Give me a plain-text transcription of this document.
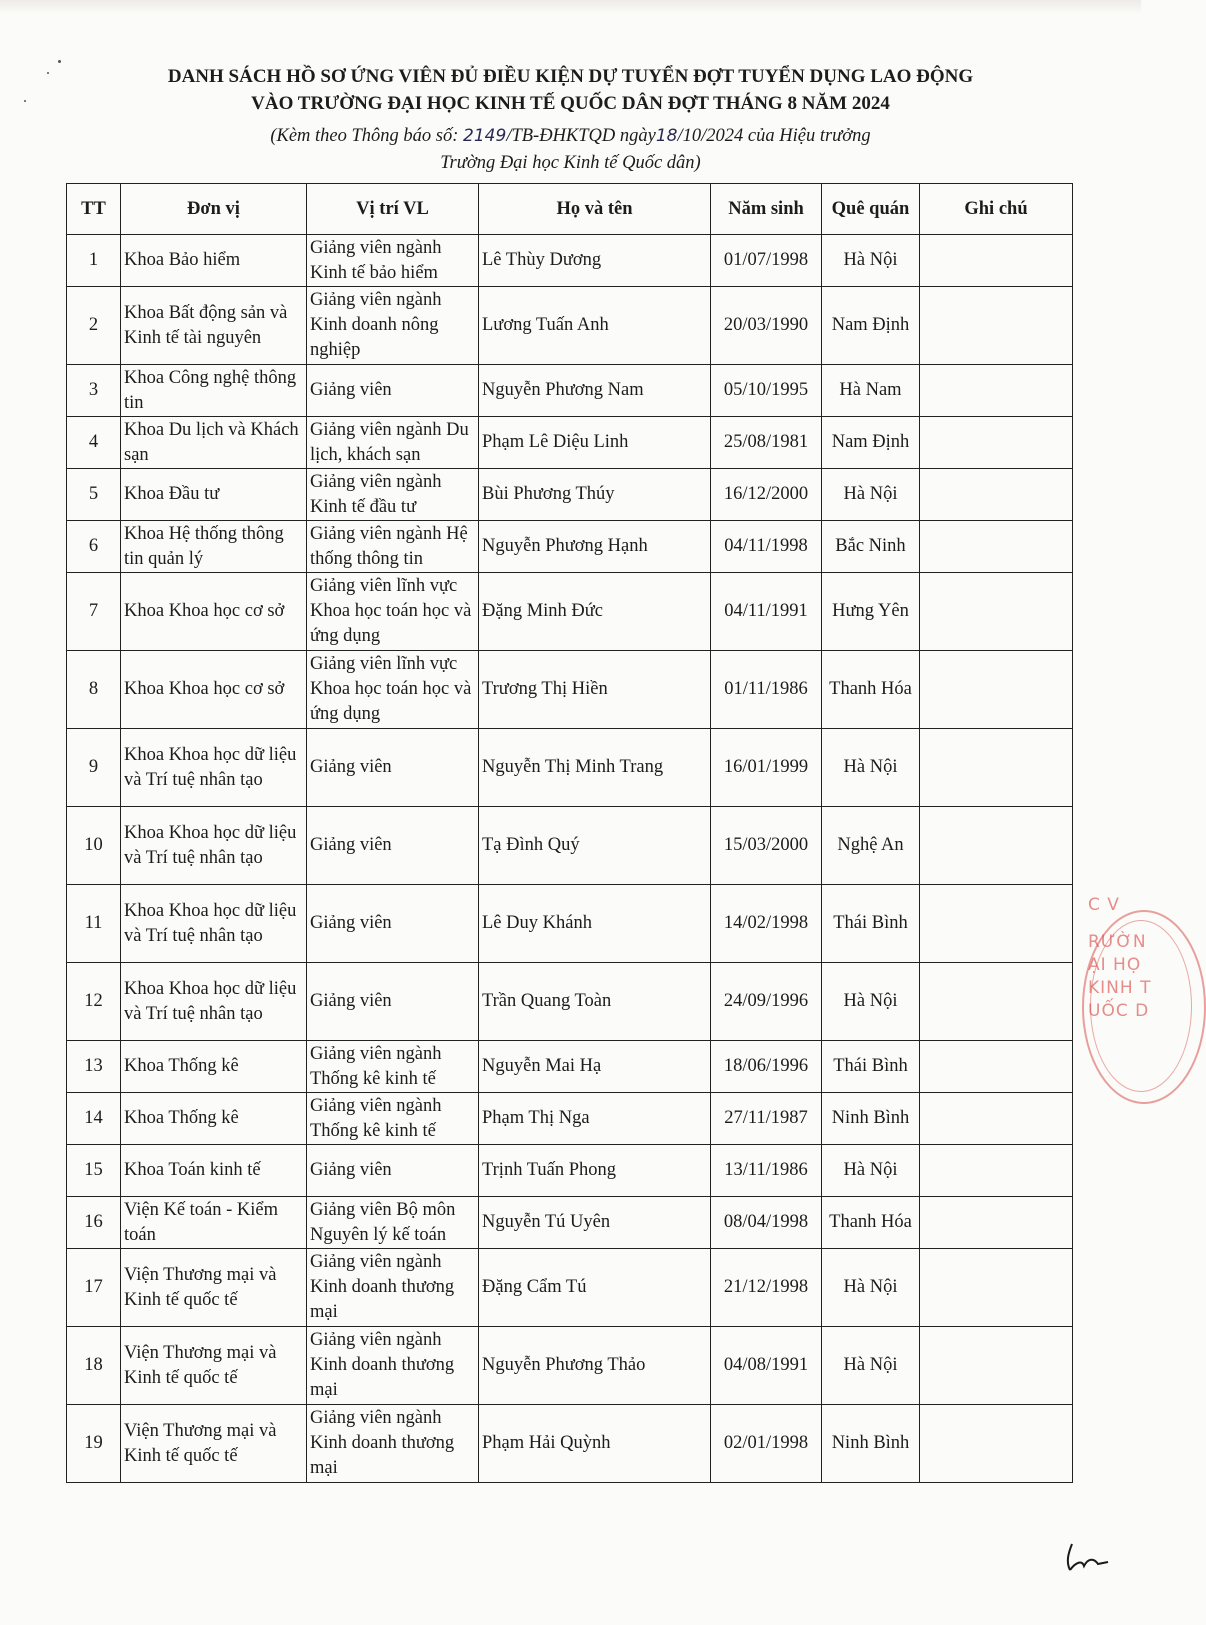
DANH SÁCH HỒ SƠ ỨNG VIÊN ĐỦ ĐIỀU KIỆN DỰ TUYỂN ĐỢT TUYỂN DỤNG LAO ĐỘNG
VÀO TRƯỜNG ĐẠI HỌC KINH TẾ QUỐC DÂN ĐỢT THÁNG 8 NĂM 2024
(Kèm theo Thông báo số: 2149/TB-ĐHKTQD ngày18/10/2024 của Hiệu trưởng
Trường Đại học Kinh tế Quốc dân)
TT	Đơn vị	Vị trí VL	Họ và tên	Năm sinh	Quê quán	Ghi chú
1	Khoa Bảo hiểm	Giảng viên ngành Kinh tế bảo hiểm	Lê Thùy Dương	01/07/1998	Hà Nội	
2	Khoa Bất động sản và Kinh tế tài nguyên	Giảng viên ngành Kinh doanh nông nghiệp	Lương Tuấn Anh	20/03/1990	Nam Định	
3	Khoa Công nghệ thông tin	Giảng viên	Nguyễn Phương Nam	05/10/1995	Hà Nam	
4	Khoa Du lịch và Khách sạn	Giảng viên ngành Du lịch, khách sạn	Phạm Lê Diệu Linh	25/08/1981	Nam Định	
5	Khoa Đầu tư	Giảng viên ngành Kinh tế đầu tư	Bùi Phương Thúy	16/12/2000	Hà Nội	
6	Khoa Hệ thống thông tin quản lý	Giảng viên ngành Hệ thống thông tin	Nguyễn Phương Hạnh	04/11/1998	Bắc Ninh	
7	Khoa Khoa học cơ sở	Giảng viên lĩnh vực Khoa học toán học và ứng dụng	Đặng Minh Đức	04/11/1991	Hưng Yên	
8	Khoa Khoa học cơ sở	Giảng viên lĩnh vực Khoa học toán học và ứng dụng	Trương Thị Hiền	01/11/1986	Thanh Hóa	
9	Khoa Khoa học dữ liệu và Trí tuệ nhân tạo	Giảng viên	Nguyễn Thị Minh Trang	16/01/1999	Hà Nội	
10	Khoa Khoa học dữ liệu và Trí tuệ nhân tạo	Giảng viên	Tạ Đình Quý	15/03/2000	Nghệ An	
11	Khoa Khoa học dữ liệu và Trí tuệ nhân tạo	Giảng viên	Lê Duy Khánh	14/02/1998	Thái Bình	
12	Khoa Khoa học dữ liệu và Trí tuệ nhân tạo	Giảng viên	Trần Quang Toàn	24/09/1996	Hà Nội	
13	Khoa Thống kê	Giảng viên ngành Thống kê kinh tế	Nguyễn Mai Hạ	18/06/1996	Thái Bình	
14	Khoa Thống kê	Giảng viên ngành Thống kê kinh tế	Phạm Thị Nga	27/11/1987	Ninh Bình	
15	Khoa Toán kinh tế	Giảng viên	Trịnh Tuấn Phong	13/11/1986	Hà Nội	
16	Viện Kế toán - Kiểm toán	Giảng viên Bộ môn Nguyên lý kế toán	Nguyễn Tú Uyên	08/04/1998	Thanh Hóa	
17	Viện Thương mại và Kinh tế quốc tế	Giảng viên ngành Kinh doanh thương mại	Đặng Cẩm Tú	21/12/1998	Hà Nội	
18	Viện Thương mại và Kinh tế quốc tế	Giảng viên ngành Kinh doanh thương mại	Nguyễn Phương Thảo	04/08/1991	Hà Nội	
19	Viện Thương mại và Kinh tế quốc tế	Giảng viên ngành Kinh doanh thương mại	Phạm Hải Quỳnh	02/01/1998	Ninh Bình	
C V
RƯỜN
ẠI HỌ
KINH T
UỐC D
